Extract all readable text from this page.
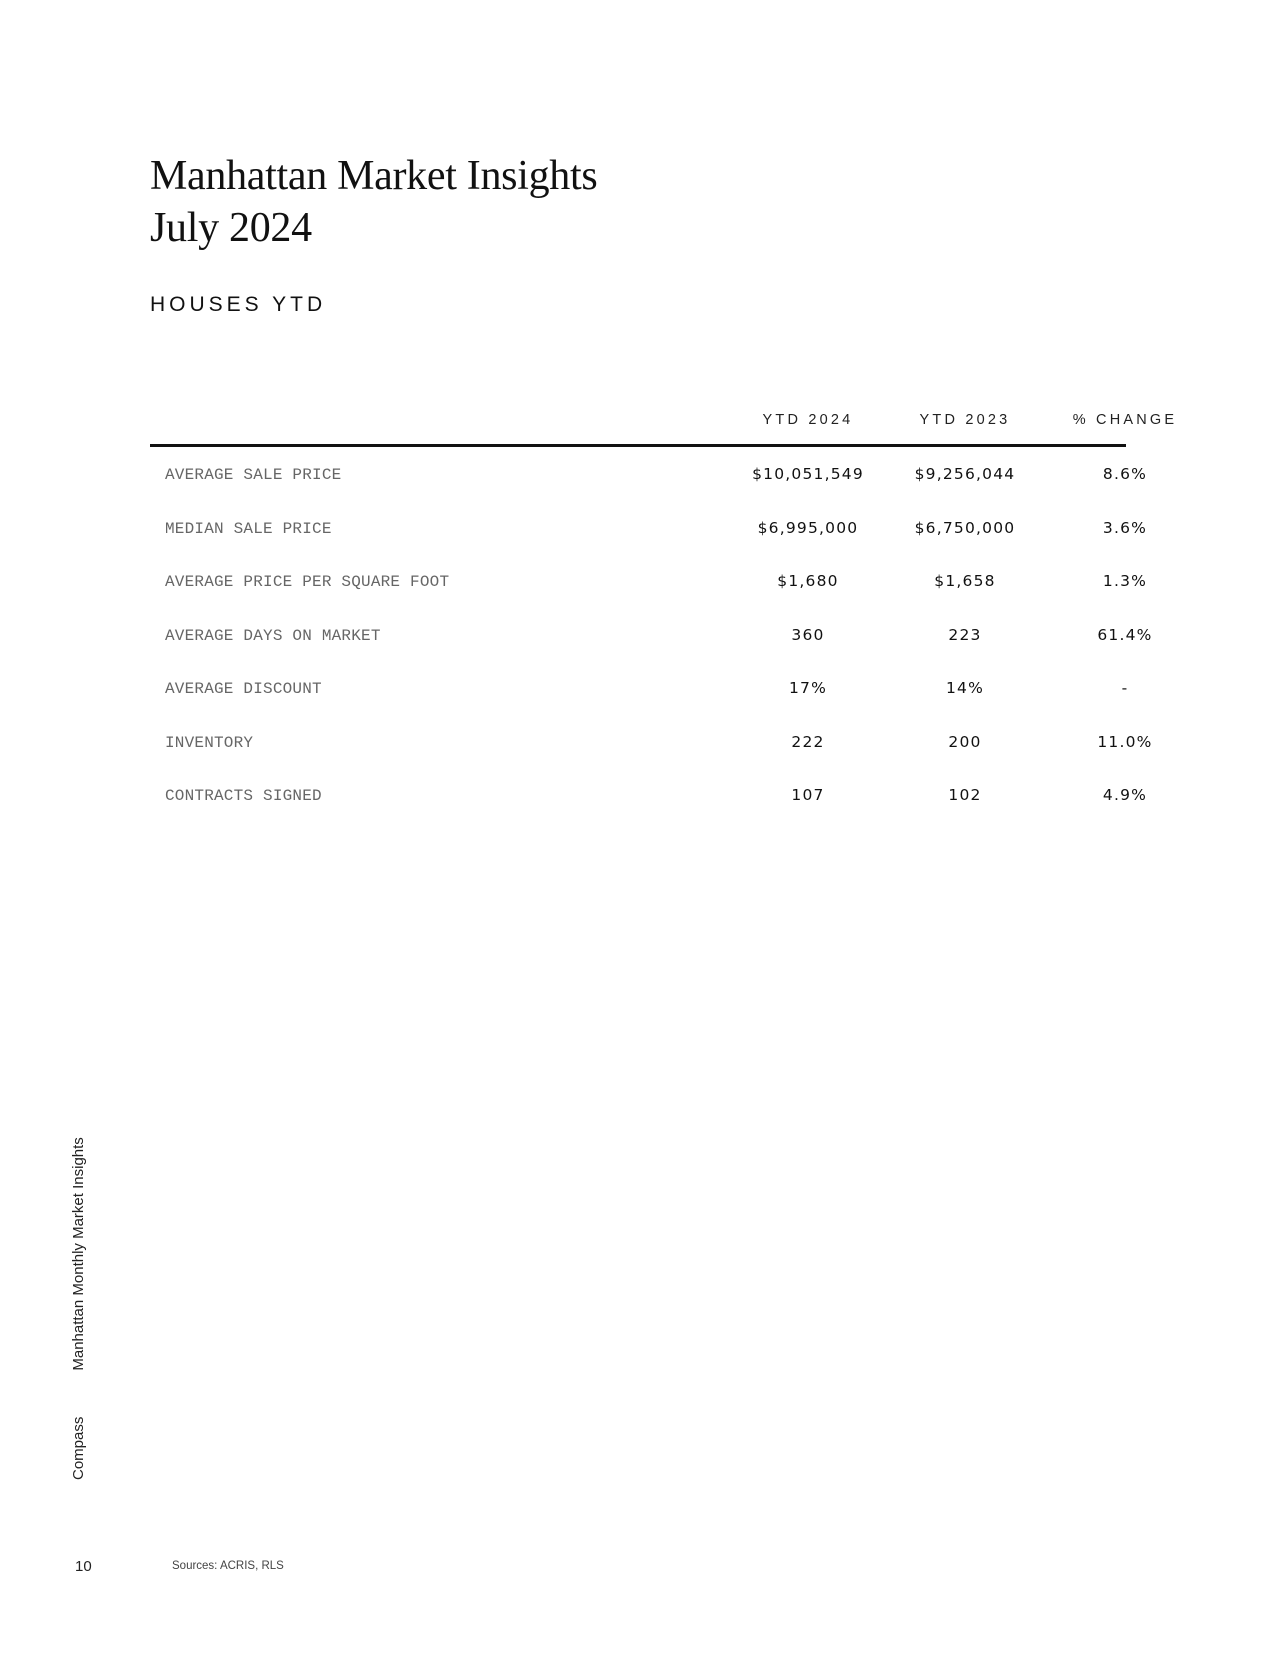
Manhattan Market Insights
July 2024
HOUSES YTD
YTD 2024	YTD 2023	% CHANGE
AVERAGE SALE PRICE	$10,051,549	$9,256,044	8.6%
MEDIAN SALE PRICE	$6,995,000	$6,750,000	3.6%
AVERAGE PRICE PER SQUARE FOOT	$1,680	$1,658	1.3%
AVERAGE DAYS ON MARKET	360	223	61.4%
AVERAGE DISCOUNT	17%	14%	-
INVENTORY	222	200	11.0%
CONTRACTS SIGNED	107	102	4.9%
CompassManhattan Monthly Market Insights
10	Sources: ACRIS, RLS
